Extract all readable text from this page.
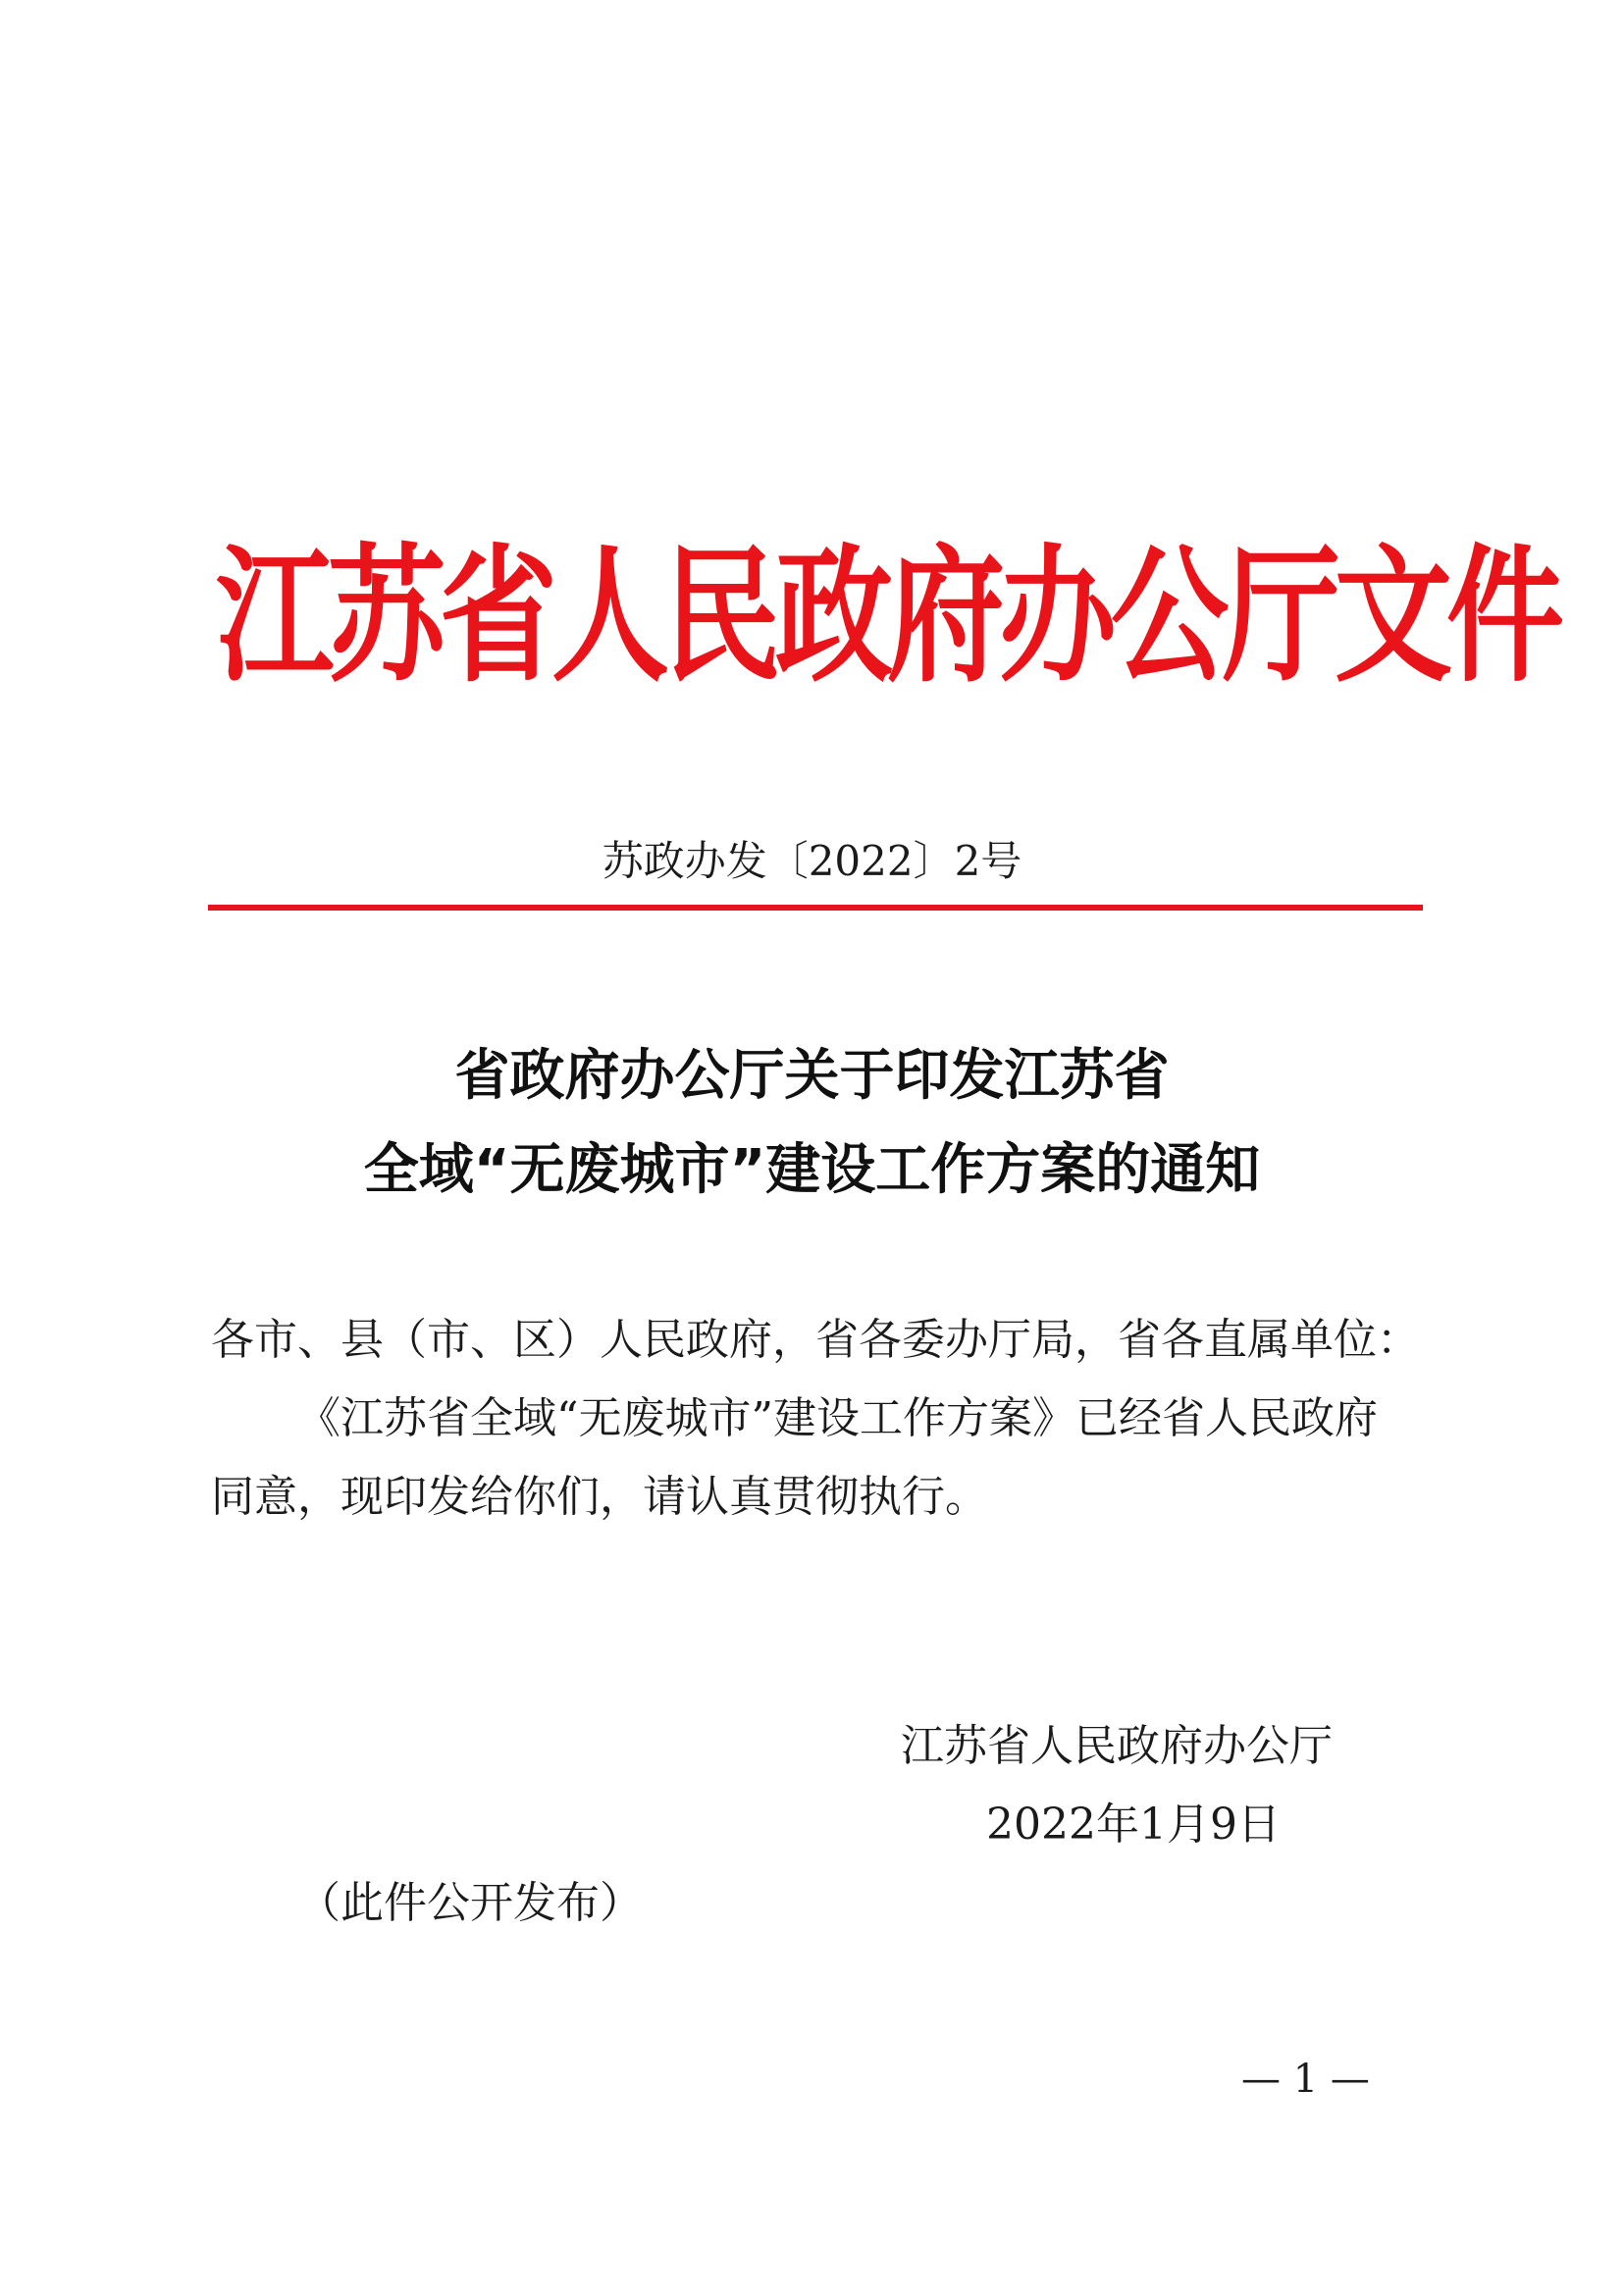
江苏省人民政府办公厅文件
苏政办发〔2022〕2号
省政府办公厅关于印发江苏省
全域“无废城市”建设工作方案的通知
各市、县（市、区）人民政府，省各委办厅局，省各直属单位：
《江苏省全域“无废城市”建设工作方案》已经省人民政府
同意，现印发给你们，请认真贯彻执行。
江苏省人民政府办公厅
2022年1月9日
（此件公开发布）
— 1 —
